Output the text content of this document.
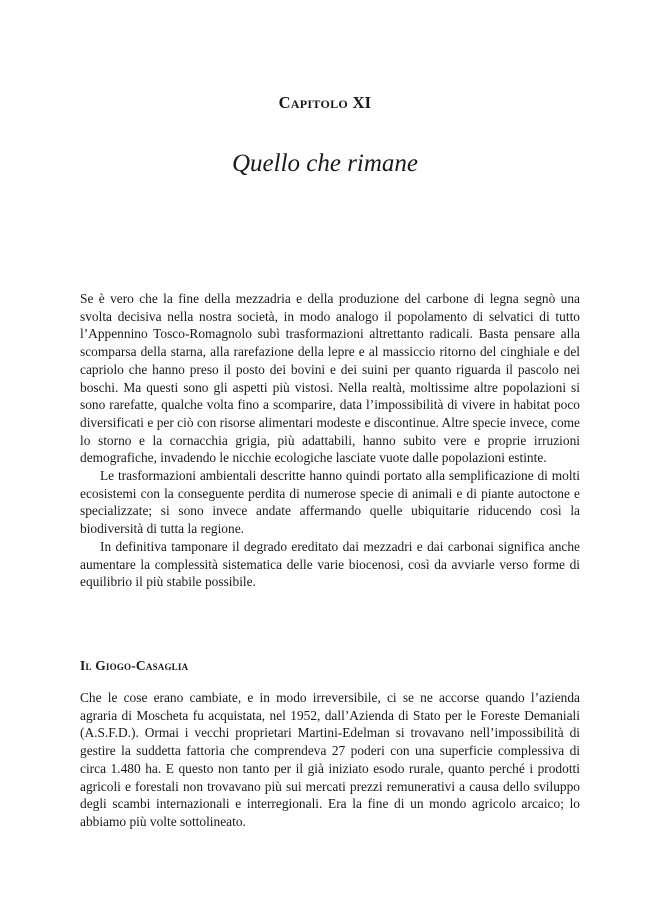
Capitolo XI
Quello che rimane

Se è vero che la fine della mezzadria e della produzione del carbone di legna segnò una svolta decisiva nella nostra società, in modo analogo il popolamento di selvatici di tutto l’Appennino Tosco-Romagnolo subì trasformazioni altrettanto radicali. Basta pensare alla scomparsa della starna, alla rarefazione della lepre e al massiccio ritorno del cinghiale e del capriolo che hanno preso il posto dei bovini e dei suini per quanto riguarda il pascolo nei boschi. Ma questi sono gli aspetti più vistosi. Nella realtà, moltissime altre popolazioni si sono rarefatte, qualche volta fino a scomparire, data l’impossibilità di vivere in habitat poco diversificati e per ciò con risorse alimentari modeste e discontinue. Altre specie invece, come lo storno e la cornacchia grigia, più adattabili, hanno subito vere e proprie irruzioni demografiche, invadendo le nicchie ecologiche lasciate vuote dalle popolazioni estinte.

Le trasformazioni ambientali descritte hanno quindi portato alla semplificazione di molti ecosistemi con la conseguente perdita di numerose specie di animali e di piante autoctone e specializzate; si sono invece andate affermando quelle ubiquitarie riducendo così la biodiversità di tutta la regione.

In definitiva tamponare il degrado ereditato dai mezzadri e dai carbonai significa anche aumentare la complessità sistematica delle varie biocenosi, così da avviarle verso forme di equilibrio il più stabile possibile.

Il Giogo-Casaglia

Che le cose erano cambiate, e in modo irreversibile, ci se ne accorse quando l’azienda agraria di Moscheta fu acquistata, nel 1952, dall’Azienda di Stato per le Foreste Demaniali (A.S.F.D.). Ormai i vecchi proprietari Martini-Edelman si trovavano nell’impossibilità di gestire la suddetta fattoria che comprendeva 27 poderi con una superficie complessiva di circa 1.480 ha. E questo non tanto per il già iniziato esodo rurale, quanto perché i prodotti agricoli e forestali non trovavano più sui mercati prezzi remunerativi a causa dello sviluppo degli scambi internazionali e interregionali. Era la fine di un mondo agricolo arcaico; lo abbiamo più volte sottolineato.
